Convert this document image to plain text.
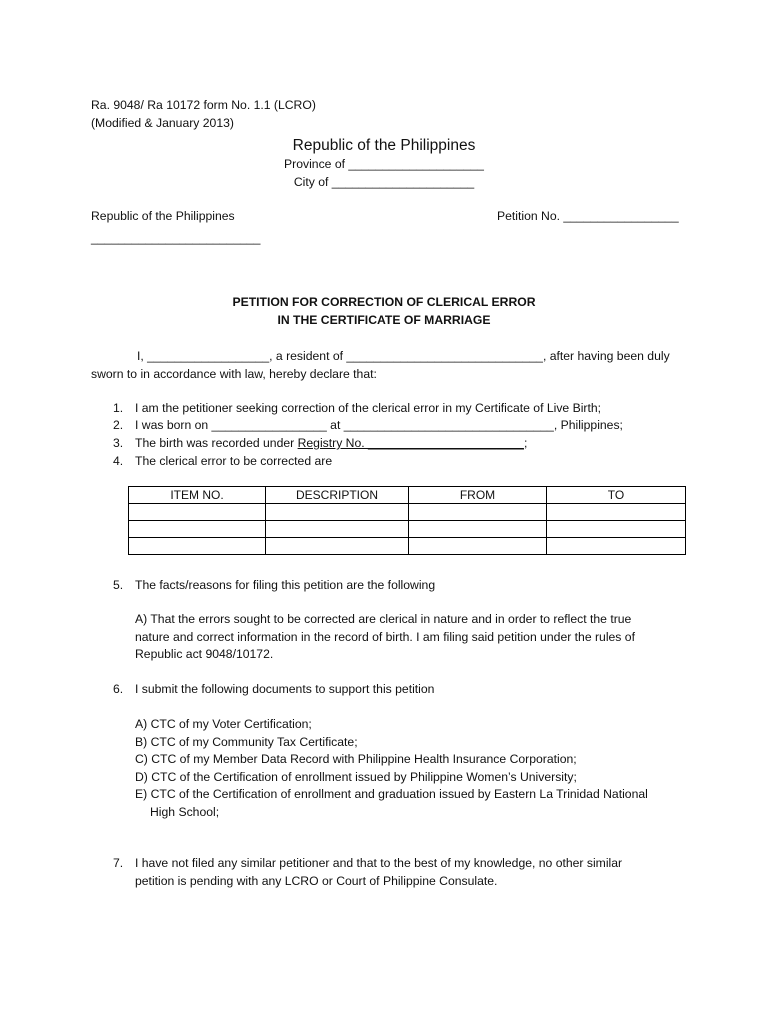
Ra. 9048/ Ra 10172 form No. 1.1 (LCRO)
(Modified & January 2013)
Republic of the Philippines
Province of ____________________
City of _____________________
Republic of the Philippines
_________________________
Petition No. _________________
PETITION FOR CORRECTION OF CLERICAL ERROR
IN THE CERTIFICATE OF MARRIAGE
I, __________________, a resident of _____________________________, after having been duly
sworn to in accordance with law, hereby declare that:
1. I am the petitioner seeking correction of the clerical error in my Certificate of Live Birth;
2. I was born on _________________ at _______________________________, Philippines;
3. The birth was recorded under Registry No. _______________________;
4. The clerical error to be corrected are
ITEM NO.	DESCRIPTION	FROM	TO

5. The facts/reasons for filing this petition are the following
A) That the errors sought to be corrected are clerical in nature and in order to reflect the true
nature and correct information in the record of birth. I am filing said petition under the rules of
Republic act 9048/10172.
6. I submit the following documents to support this petition
A) CTC of my Voter Certification;
B) CTC of my Community Tax Certificate;
C) CTC of my Member Data Record with Philippine Health Insurance Corporation;
D) CTC of the Certification of enrollment issued by Philippine Women’s University;
E) CTC of the Certification of enrollment and graduation issued by Eastern La Trinidad National
High School;
7. I have not filed any similar petitioner and that to the best of my knowledge, no other similar
petition is pending with any LCRO or Court of Philippine Consulate.
